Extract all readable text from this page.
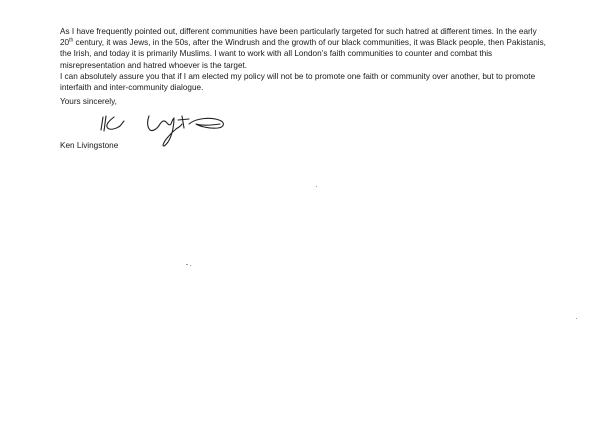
As I have frequently pointed out, different communities have been particularly targeted for such hatred at different times. In the early 20th century, it was Jews, in the 50s, after the Windrush and the growth of our black communities, it was Black people, then Pakistanis, the Irish, and today it is primarily Muslims. I want to work with all London’s faith communities to counter and combat this misrepresentation and hatred whoever is the target.

I can absolutely assure you that if I am elected my policy will not be to promote one faith or community over another, but to promote interfaith and inter-community dialogue.

Yours sincerely,
Ken Livingstone
